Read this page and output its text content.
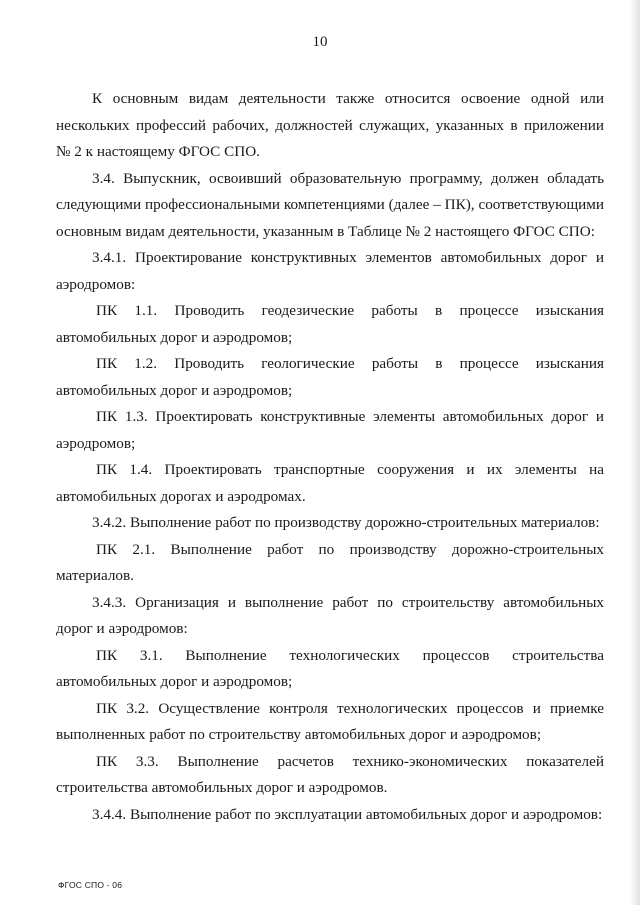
10

К основным видам деятельности также относится освоение одной или нескольких профессий рабочих, должностей служащих, указанных в приложении № 2 к настоящему ФГОС СПО.

3.4. Выпускник, освоивший образовательную программу, должен обладать следующими профессиональными компетенциями (далее – ПК), соответствующими основным видам деятельности, указанным в Таблице № 2 настоящего ФГОС СПО:

3.4.1. Проектирование конструктивных элементов автомобильных дорог и аэродромов:

ПК 1.1. Проводить геодезические работы в процессе изыскания автомобильных дорог и аэродромов;

ПК 1.2. Проводить геологические работы в процессе изыскания автомобильных дорог и аэродромов;

ПК 1.3. Проектировать конструктивные элементы автомобильных дорог и аэродромов;

ПК 1.4. Проектировать транспортные сооружения и их элементы на автомобильных дорогах и аэродромах.

3.4.2. Выполнение работ по производству дорожно-строительных материалов:

ПК 2.1. Выполнение работ по производству дорожно-строительных материалов.

3.4.3. Организация и выполнение работ по строительству автомобильных дорог и аэродромов:

ПК 3.1. Выполнение технологических процессов строительства автомобильных дорог и аэродромов;

ПК 3.2. Осуществление контроля технологических процессов и приемке выполненных работ по строительству автомобильных дорог и аэродромов;

ПК 3.3. Выполнение расчетов технико-экономических показателей строительства автомобильных дорог и аэродромов.

3.4.4. Выполнение работ по эксплуатации автомобильных дорог и аэродромов:

ФГОС СПО - 06
